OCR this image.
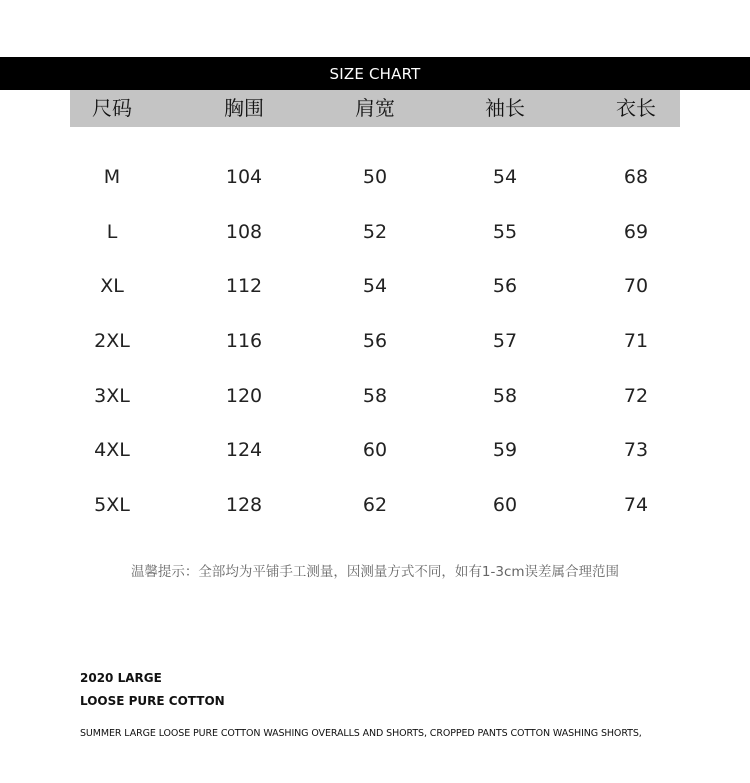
SIZE CHART
尺码	胸围	肩宽	袖长	衣长
M	104	50	54	68
L	108	52	55	69
XL	112	54	56	70
2XL	116	56	57	71
3XL	120	58	58	72
4XL	124	60	59	73
5XL	128	62	60	74
温馨提示：全部均为平铺手工测量，因测量方式不同，如有1-3cm误差属合理范围
2020 LARGE
LOOSE PURE COTTON
SUMMER LARGE LOOSE PURE COTTON WASHING OVERALLS AND SHORTS, CROPPED PANTS COTTON WASHING SHORTS,
